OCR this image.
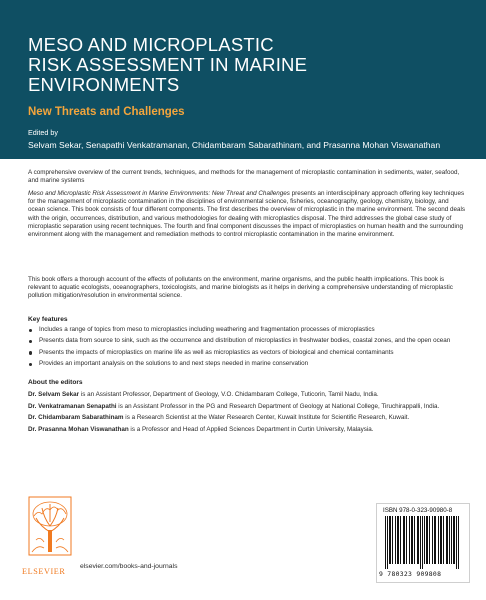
MESO AND MICROPLASTIC
RISK ASSESSMENT IN MARINE
ENVIRONMENTS
New Threats and Challenges
Edited by
Selvam Sekar, Senapathi Venkatramanan, Chidambaram Sabarathinam, and Prasanna Mohan Viswanathan
A comprehensive overview of the current trends, techniques, and methods for the management of microplastic contamination in sediments, water, seafood, and marine systems
Meso and Microplastic Risk Assessment in Marine Environments: New Threat and Challenges presents an interdisciplinary approach offering key techniques for the management of microplastic contamination in the disciplines of environmental science, fisheries, oceanography, geology, chemistry, biology, and ocean science. This book consists of four different components. The first describes the overview of microplastic in the marine environment. The second deals with the origin, occurrences, distribution, and various methodologies for dealing with microplastics disposal. The third addresses the global case study of microplastic separation using recent techniques. The fourth and final component discusses the impact of microplastics on human health and the surrounding environment along with the management and remediation methods to control microplastic contamination in the marine environment.
This book offers a thorough account of the effects of pollutants on the environment, marine organisms, and the public health implications. This book is relevant to aquatic ecologists, oceanographers, toxicologists, and marine biologists as it helps in deriving a comprehensive understanding of microplastic pollution mitigation/resolution in environmental science.
Key features
Includes a range of topics from meso to microplastics including weathering and fragmentation processes of microplastics
Presents data from source to sink, such as the occurrence and distribution of microplastics in freshwater bodies, coastal zones, and the open ocean
Presents the impacts of microplastics on marine life as well as microplastics as vectors of biological and chemical contaminants
Provides an important analysis on the solutions to and next steps needed in marine conservation
About the editors
Dr. Selvam Sekar is an Assistant Professor, Department of Geology, V.O. Chidambaram College, Tuticorin, Tamil Nadu, India.
Dr. Venkatramanan Senapathi is an Assistant Professor in the PG and Research Department of Geology at National College, Tiruchirappalli, India.
Dr. Chidambaram Sabarathinam is a Research Scientist at the Water Research Center, Kuwait Institute for Scientific Research, Kuwait.
Dr. Prasanna Mohan Viswanathan is a Professor and Head of Applied Sciences Department in Curtin University, Malaysia.
ELSEVIER
elsevier.com/books-and-journals
ISBN 978-0-323-90980-8
9 780323 909808
